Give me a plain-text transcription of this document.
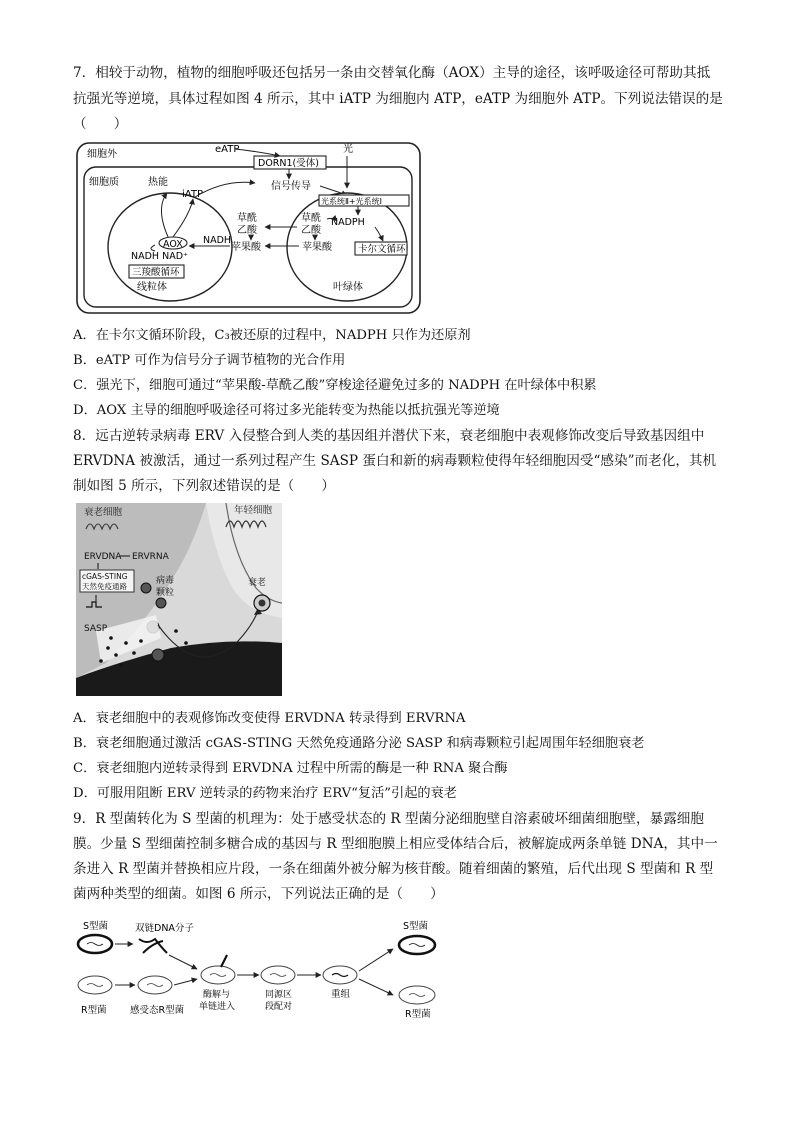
7．相较于动物，植物的细胞呼吸还包括另一条由交替氧化酶（AOX）主导的途径，该呼吸途径可帮助其抵
抗强光等逆境，具体过程如图 4 所示，其中 iATP 为细胞内 ATP，eATP 为细胞外 ATP。下列说法错误的是
（　　）
细胞外	eATP
DORN1(受体)
光
细胞质	信号传导
热能
iATP
AOX
NADH NAD⁺
三羧酸循环
线粒体
光系统Ⅱ+光系统Ⅰ
NADPH
卡尔文循环
草酰
乙酸
苹果酸
叶绿体
草酰
乙酸
苹果酸
NADH
A．在卡尔文循环阶段，C₃被还原的过程中，NADPH 只作为还原剂
B．eATP 可作为信号分子调节植物的光合作用
C．强光下，细胞可通过“苹果酸-草酰乙酸”穿梭途径避免过多的 NADPH 在叶绿体中积累
D．AOX 主导的细胞呼吸途径可将过多光能转变为热能以抵抗强光等逆境
8．远古逆转录病毒 ERV 入侵整合到人类的基因组并潜伏下来，衰老细胞中表观修饰改变后导致基因组中
ERVDNA 被激活，通过一系列过程产生 SASP 蛋白和新的病毒颗粒使得年轻细胞因受“感染”而老化，其机
制如图 5 所示，下列叙述错误的是（　　）
衰老细胞	年轻细胞
ERVDNA ERVRNA
cGAS-STING
天然免疫通路
病毒
颗粒
SASP
衰老
A．衰老细胞中的表观修饰改变使得 ERVDNA 转录得到 ERVRNA
B．衰老细胞通过激活 cGAS-STING 天然免疫通路分泌 SASP 和病毒颗粒引起周围年轻细胞衰老
C．衰老细胞内逆转录得到 ERVDNA 过程中所需的酶是一种 RNA 聚合酶
D．可服用阻断 ERV 逆转录的药物来治疗 ERV“复活”引起的衰老
9．R 型菌转化为 S 型菌的机理为：处于感受状态的 R 型菌分泌细胞壁自溶素破坏细菌细胞壁，暴露细胞
膜。少量 S 型细菌控制多糖合成的基因与 R 型细胞膜上相应受体结合后，被解旋成两条单链 DNA，其中一
条进入 R 型菌并替换相应片段，一条在细菌外被分解为核苷酸。随着细菌的繁殖，后代出现 S 型菌和 R 型
菌两种类型的细菌。如图 6 所示，下列说法正确的是（　　）
S型菌	双链DNA分子
R型菌 感受态R型菌
酶解与
单链进入
同源区
段配对
重组
S型菌
R型菌
